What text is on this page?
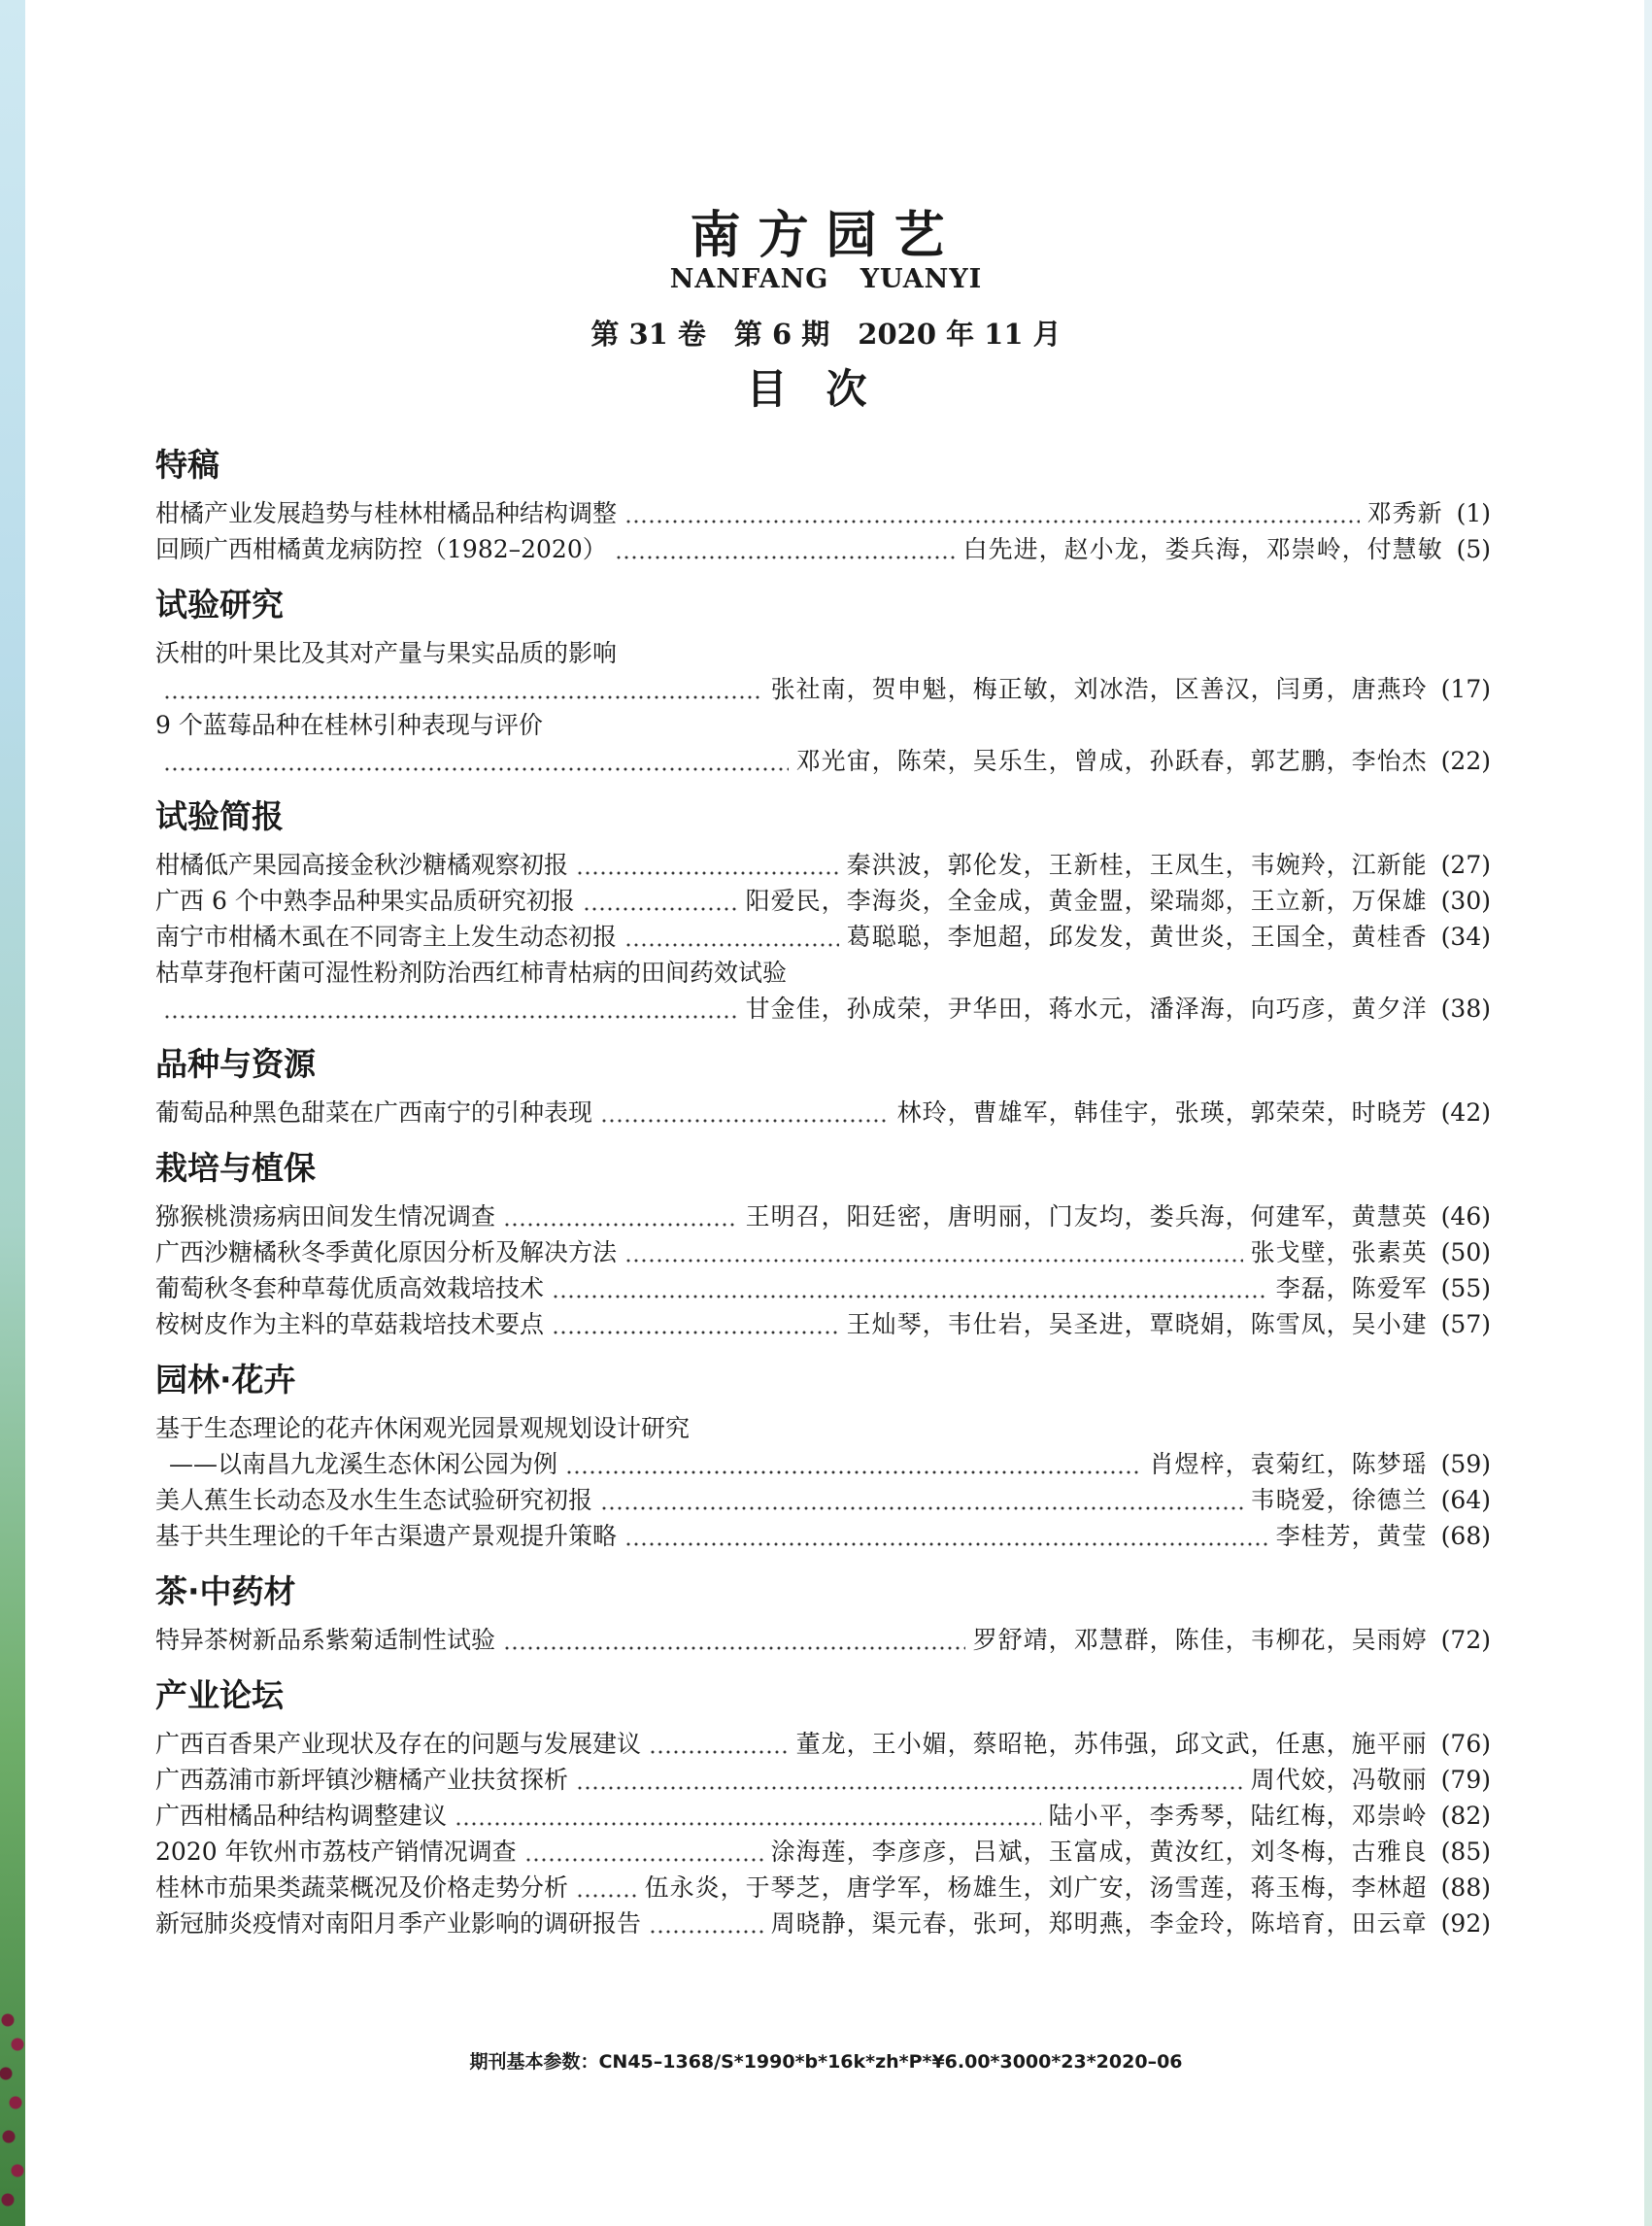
南方园艺
NANFANG YUANYI
第 31 卷　第 6 期　2020 年 11 月
目次
特稿
柑橘产业发展趋势与桂林柑橘品种结构调整	邓秀新 (1)
回顾广西柑橘黄龙病防控（1982–2020）	白先进，赵小龙，娄兵海，邓崇岭，付慧敏 (5)
试验研究
沃柑的叶果比及其对产量与果实品质的影响
张社南，贺申魁，梅正敏，刘冰浩，区善汉，闫勇，唐燕玲 (17)
9 个蓝莓品种在桂林引种表现与评价
邓光宙，陈荣，吴乐生，曾成，孙跃春，郭艺鹏，李怡杰 (22)
试验简报
柑橘低产果园高接金秋沙糖橘观察初报	秦洪波，郭伦发，王新桂，王凤生，韦婉羚，江新能 (27)
广西 6 个中熟李品种果实品质研究初报	阳爱民，李海炎，全金成，黄金盟，梁瑞郯，王立新，万保雄 (30)
南宁市柑橘木虱在不同寄主上发生动态初报	葛聪聪，李旭超，邱发发，黄世炎，王国全，黄桂香 (34)
枯草芽孢杆菌可湿性粉剂防治西红柿青枯病的田间药效试验
甘金佳，孙成荣，尹华田，蒋水元，潘泽海，向巧彦，黄夕洋 (38)
品种与资源
葡萄品种黑色甜菜在广西南宁的引种表现	林玲，曹雄军，韩佳宇，张瑛，郭荣荣，时晓芳 (42)
栽培与植保
猕猴桃溃疡病田间发生情况调查	王明召，阳廷密，唐明丽，门友均，娄兵海，何建军，黄慧英 (46)
广西沙糖橘秋冬季黄化原因分析及解决方法	张戈壁，张素英 (50)
葡萄秋冬套种草莓优质高效栽培技术	李磊，陈爱军 (55)
桉树皮作为主料的草菇栽培技术要点	王灿琴，韦仕岩，吴圣进，覃晓娟，陈雪凤，吴小建 (57)
园林·花卉
基于生态理论的花卉休闲观光园景观规划设计研究
——以南昌九龙溪生态休闲公园为例	肖煜梓，袁菊红，陈梦瑶 (59)
美人蕉生长动态及水生生态试验研究初报	韦晓爱，徐德兰 (64)
基于共生理论的千年古渠遗产景观提升策略	李桂芳，黄莹 (68)
茶·中药材
特异茶树新品系紫菊适制性试验	罗舒靖，邓慧群，陈佳，韦柳花，吴雨婷 (72)
产业论坛
广西百香果产业现状及存在的问题与发展建议	董龙，王小媚，蔡昭艳，苏伟强，邱文武，任惠，施平丽 (76)
广西荔浦市新坪镇沙糖橘产业扶贫探析	周代姣，冯敬丽 (79)
广西柑橘品种结构调整建议	陆小平，李秀琴，陆红梅，邓崇岭 (82)
2020 年钦州市荔枝产销情况调查	涂海莲，李彦彦，吕斌，玉富成，黄汝红，刘冬梅，古雅良 (85)
桂林市茄果类蔬菜概况及价格走势分析	伍永炎，于琴芝，唐学军，杨雄生，刘广安，汤雪莲，蒋玉梅，李林超 (88)
新冠肺炎疫情对南阳月季产业影响的调研报告	周晓静，渠元春，张珂，郑明燕，李金玲，陈培育，田云章 (92)
期刊基本参数：CN45–1368/S*1990*b*16k*zh*P*¥6.00*3000*23*2020–06
